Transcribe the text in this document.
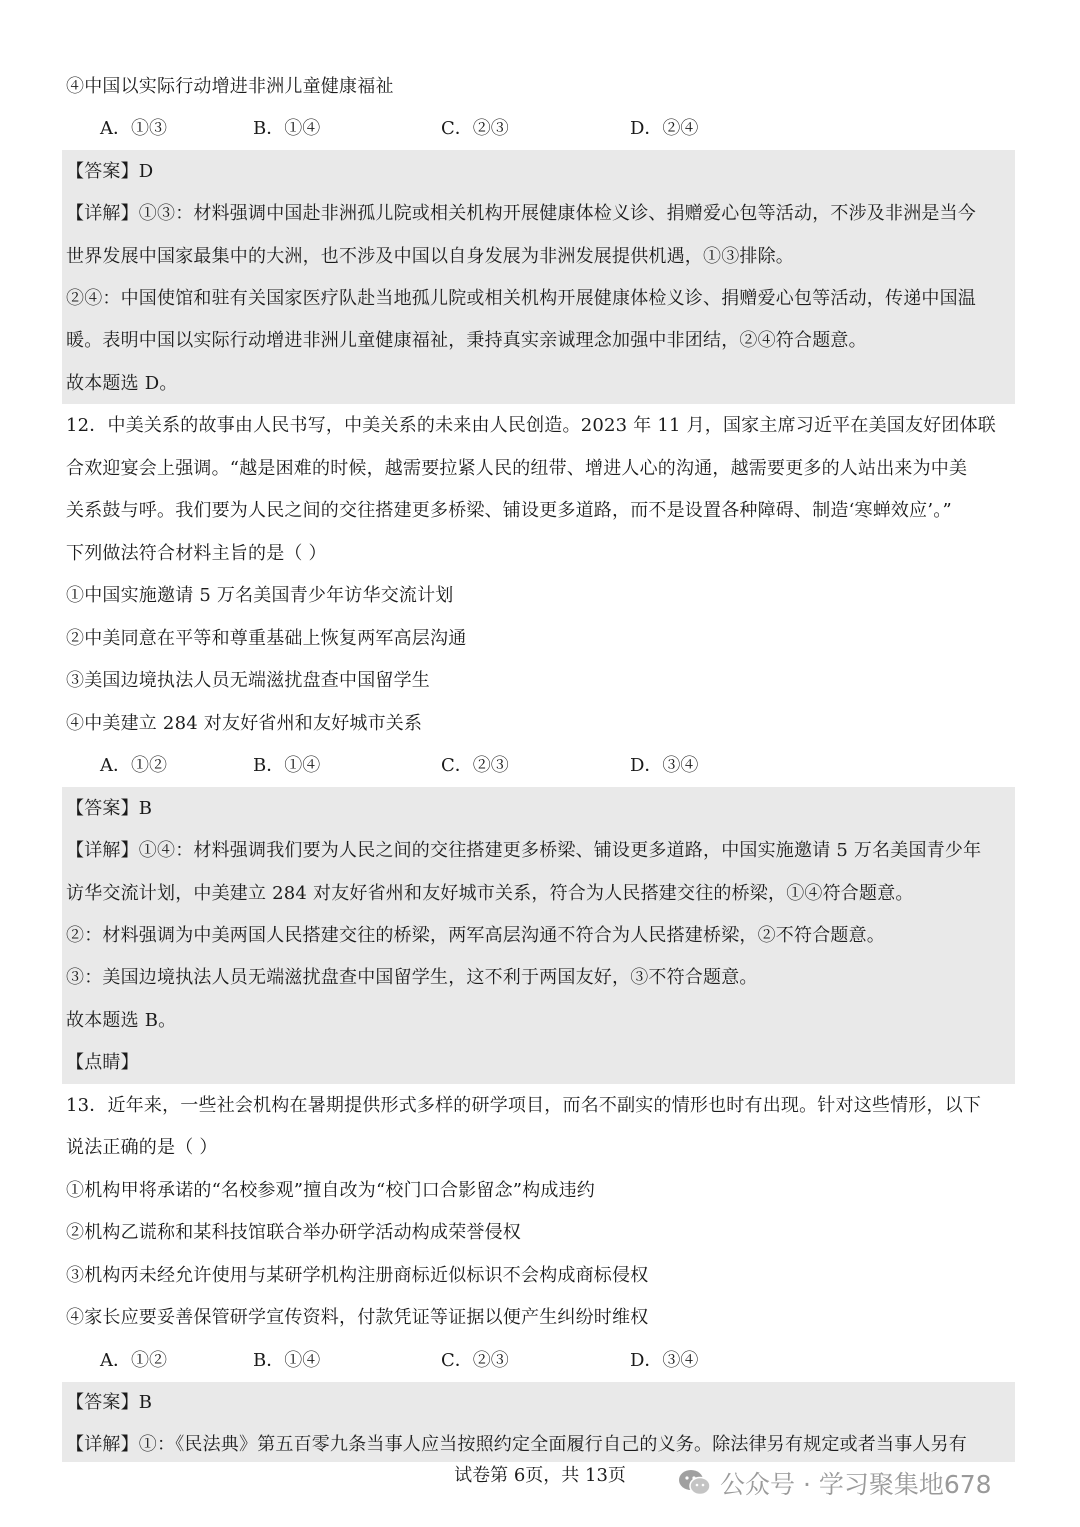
④中国以实际行动增进非洲儿童健康福祉
A．①③	B．①④	C．②③	D．②④
【答案】D
【详解】①③：材料强调中国赴非洲孤儿院或相关机构开展健康体检义诊、捐赠爱心包等活动，不涉及非洲是当今
世界发展中国家最集中的大洲，也不涉及中国以自身发展为非洲发展提供机遇，①③排除。
②④：中国使馆和驻有关国家医疗队赴当地孤儿院或相关机构开展健康体检义诊、捐赠爱心包等活动，传递中国温
暖。表明中国以实际行动增进非洲儿童健康福祉，秉持真实亲诚理念加强中非团结，②④符合题意。
故本题选 D。
12．中美关系的故事由人民书写，中美关系的未来由人民创造。2023 年 11 月，国家主席习近平在美国友好团体联
合欢迎宴会上强调。“越是困难的时候，越需要拉紧人民的纽带、增进人心的沟通，越需要更多的人站出来为中美
关系鼓与呼。我们要为人民之间的交往搭建更多桥梁、铺设更多道路，而不是设置各种障碍、制造‘寒蝉效应’。”
下列做法符合材料主旨的是（ ）
①中国实施邀请 5 万名美国青少年访华交流计划
②中美同意在平等和尊重基础上恢复两军高层沟通
③美国边境执法人员无端滋扰盘查中国留学生
④中美建立 284 对友好省州和友好城市关系
A．①②	B．①④	C．②③	D．③④
【答案】B
【详解】①④：材料强调我们要为人民之间的交往搭建更多桥梁、铺设更多道路，中国实施邀请 5 万名美国青少年
访华交流计划，中美建立 284 对友好省州和友好城市关系，符合为人民搭建交往的桥梁，①④符合题意。
②：材料强调为中美两国人民搭建交往的桥梁，两军高层沟通不符合为人民搭建桥梁，②不符合题意。
③：美国边境执法人员无端滋扰盘查中国留学生，这不利于两国友好，③不符合题意。
故本题选 B。
【点睛】
13．近年来，一些社会机构在暑期提供形式多样的研学项目，而名不副实的情形也时有出现。针对这些情形，以下
说法正确的是（ ）
①机构甲将承诺的“名校参观”擅自改为“校门口合影留念”构成违约
②机构乙谎称和某科技馆联合举办研学活动构成荣誉侵权
③机构丙未经允许使用与某研学机构注册商标近似标识不会构成商标侵权
④家长应要妥善保管研学宣传资料，付款凭证等证据以便产生纠纷时维权
A．①②	B．①④	C．②③	D．③④
【答案】B
【详解】①：《民法典》第五百零九条当事人应当按照约定全面履行自己的义务。除法律另有规定或者当事人另有
试卷第 6页，共 13页	公众号 · 学习聚集地678
